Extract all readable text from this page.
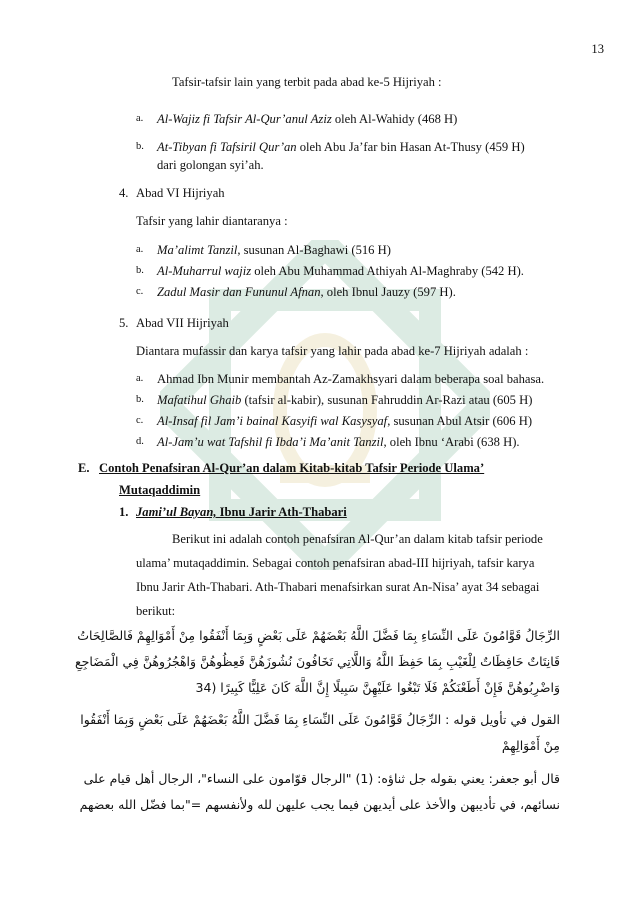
13
Tafsir-tafsir lain yang terbit pada abad ke-5 Hijriyah :
a. Al-Wajiz fi Tafsir Al-Qur’anul Aziz oleh Al-Wahidy (468 H)
b. At-Tibyan fi Tafsiril Qur’an oleh Abu Ja’far bin Hasan At-Thusy (459 H)
dari golongan syi’ah.
4. Abad VI Hijriyah
Tafsir yang lahir diantaranya :
a. Ma’alimt Tanzil, susunan Al-Baghawi (516 H)
b. Al-Muharrul wajiz oleh Abu Muhammad Athiyah Al-Maghraby (542 H).
c. Zadul Masir dan Fununul Afnan, oleh Ibnul Jauzy (597 H).
5. Abad VII Hijriyah
Diantara mufassir dan karya tafsir yang lahir pada abad ke-7 Hijriyah adalah :
a. Ahmad Ibn Munir membantah Az-Zamakhsyari dalam beberapa soal bahasa.
b. Mafatihul Ghaib (tafsir al-kabir), susunan Fahruddin Ar-Razi atau (605 H)
c. Al-Insaf fil Jam’i bainal Kasyifi wal Kasysyaf, susunan Abul Atsir (606 H)
d. Al-Jam’u wat Tafshil fi Ibda’i Ma’anit Tanzil, oleh Ibnu ‘Arabi (638 H).
E. Contoh Penafsiran Al-Qur’an dalam Kitab-kitab Tafsir Periode Ulama’
Mutaqaddimin
1. Jami’ul Bayan, Ibnu Jarir Ath-Thabari
Berikut ini adalah contoh penafsiran Al-Qur’an dalam kitab tafsir periode
ulama’ mutaqaddimin. Sebagai contoh penafsiran abad-III hijriyah, tafsir karya
Ibnu Jarir Ath-Thabari. Ath-Thabari menafsirkan surat An-Nisa’ ayat 34 sebagai
berikut:
الرِّجَالُ قَوَّامُونَ عَلَى النِّسَاءِ بِمَا فَضَّلَ اللَّهُ بَعْضَهُمْ عَلَى بَعْضٍ وَبِمَا أَنْفَقُوا مِنْ أَمْوَالِهِمْ فَالصَّالِحَاتُ
قَانِتَاتٌ حَافِظَاتٌ لِلْغَيْبِ بِمَا حَفِظَ اللَّهُ وَاللَّاتِي تَخَافُونَ نُشُوزَهُنَّ فَعِظُوهُنَّ وَاهْجُرُوهُنَّ فِي الْمَضَاجِعِ
وَاضْرِبُوهُنَّ فَإِنْ أَطَعْنَكُمْ فَلَا تَبْغُوا عَلَيْهِنَّ سَبِيلًا إِنَّ اللَّهَ كَانَ عَلِيًّا كَبِيرًا (34
القول في تأويل قوله : الرِّجَالُ قَوَّامُونَ عَلَى النِّسَاءِ بِمَا فَضَّلَ اللَّهُ بَعْضَهُمْ عَلَى بَعْضٍ وَبِمَا أَنْفَقُوا
مِنْ أَمْوَالِهِمْ
قال أبو جعفر: يعني بقوله جل ثناؤه: (1) "الرجال قوّامون على النساء"، الرجال أهل قيام على
نسائهم، في تأديبهن والأخذ على أيديهن فيما يجب عليهن لله ولأنفسهم ="بما فضّل الله بعضهم
